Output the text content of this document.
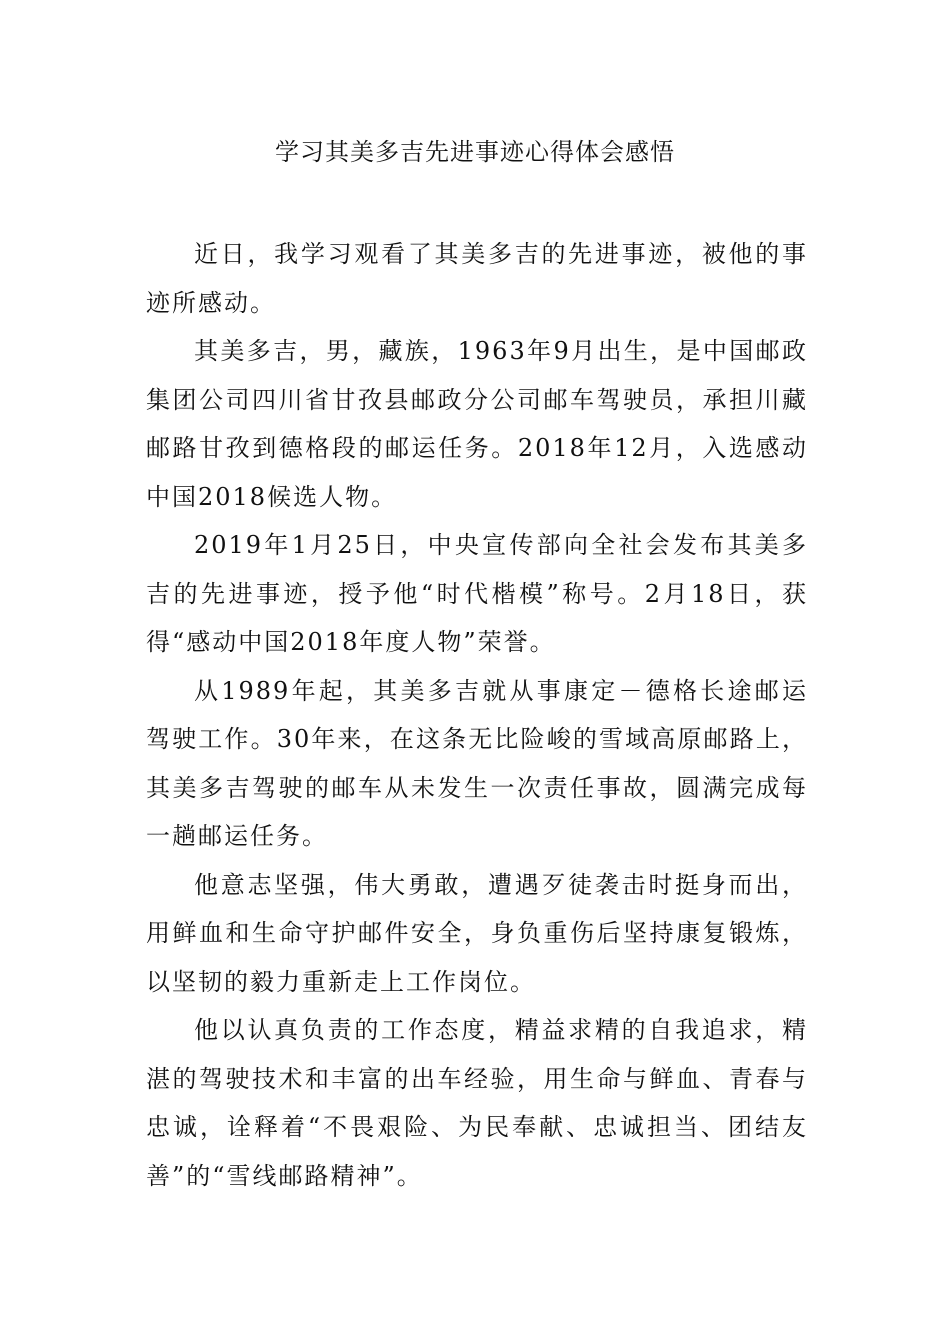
学习其美多吉先进事迹心得体会感悟

近日，我学习观看了其美多吉的先进事迹，被他的事迹所感动。

其美多吉，男，藏族，1963年9月出生，是中国邮政集团公司四川省甘孜县邮政分公司邮车驾驶员，承担川藏邮路甘孜到德格段的邮运任务。2018年12月，入选感动中国2018候选人物。

2019年1月25日，中央宣传部向全社会发布其美多吉的先进事迹，授予他“时代楷模”称号。2月18日，获得“感动中国2018年度人物”荣誉。

从1989年起，其美多吉就从事康定－德格长途邮运驾驶工作。30年来，在这条无比险峻的雪域高原邮路上，其美多吉驾驶的邮车从未发生一次责任事故，圆满完成每一趟邮运任务。

他意志坚强，伟大勇敢，遭遇歹徒袭击时挺身而出，用鲜血和生命守护邮件安全，身负重伤后坚持康复锻炼，以坚韧的毅力重新走上工作岗位。

他以认真负责的工作态度，精益求精的自我追求，精湛的驾驶技术和丰富的出车经验，用生命与鲜血、青春与忠诚，诠释着“不畏艰险、为民奉献、忠诚担当、团结友善”的“雪线邮路精神”。
